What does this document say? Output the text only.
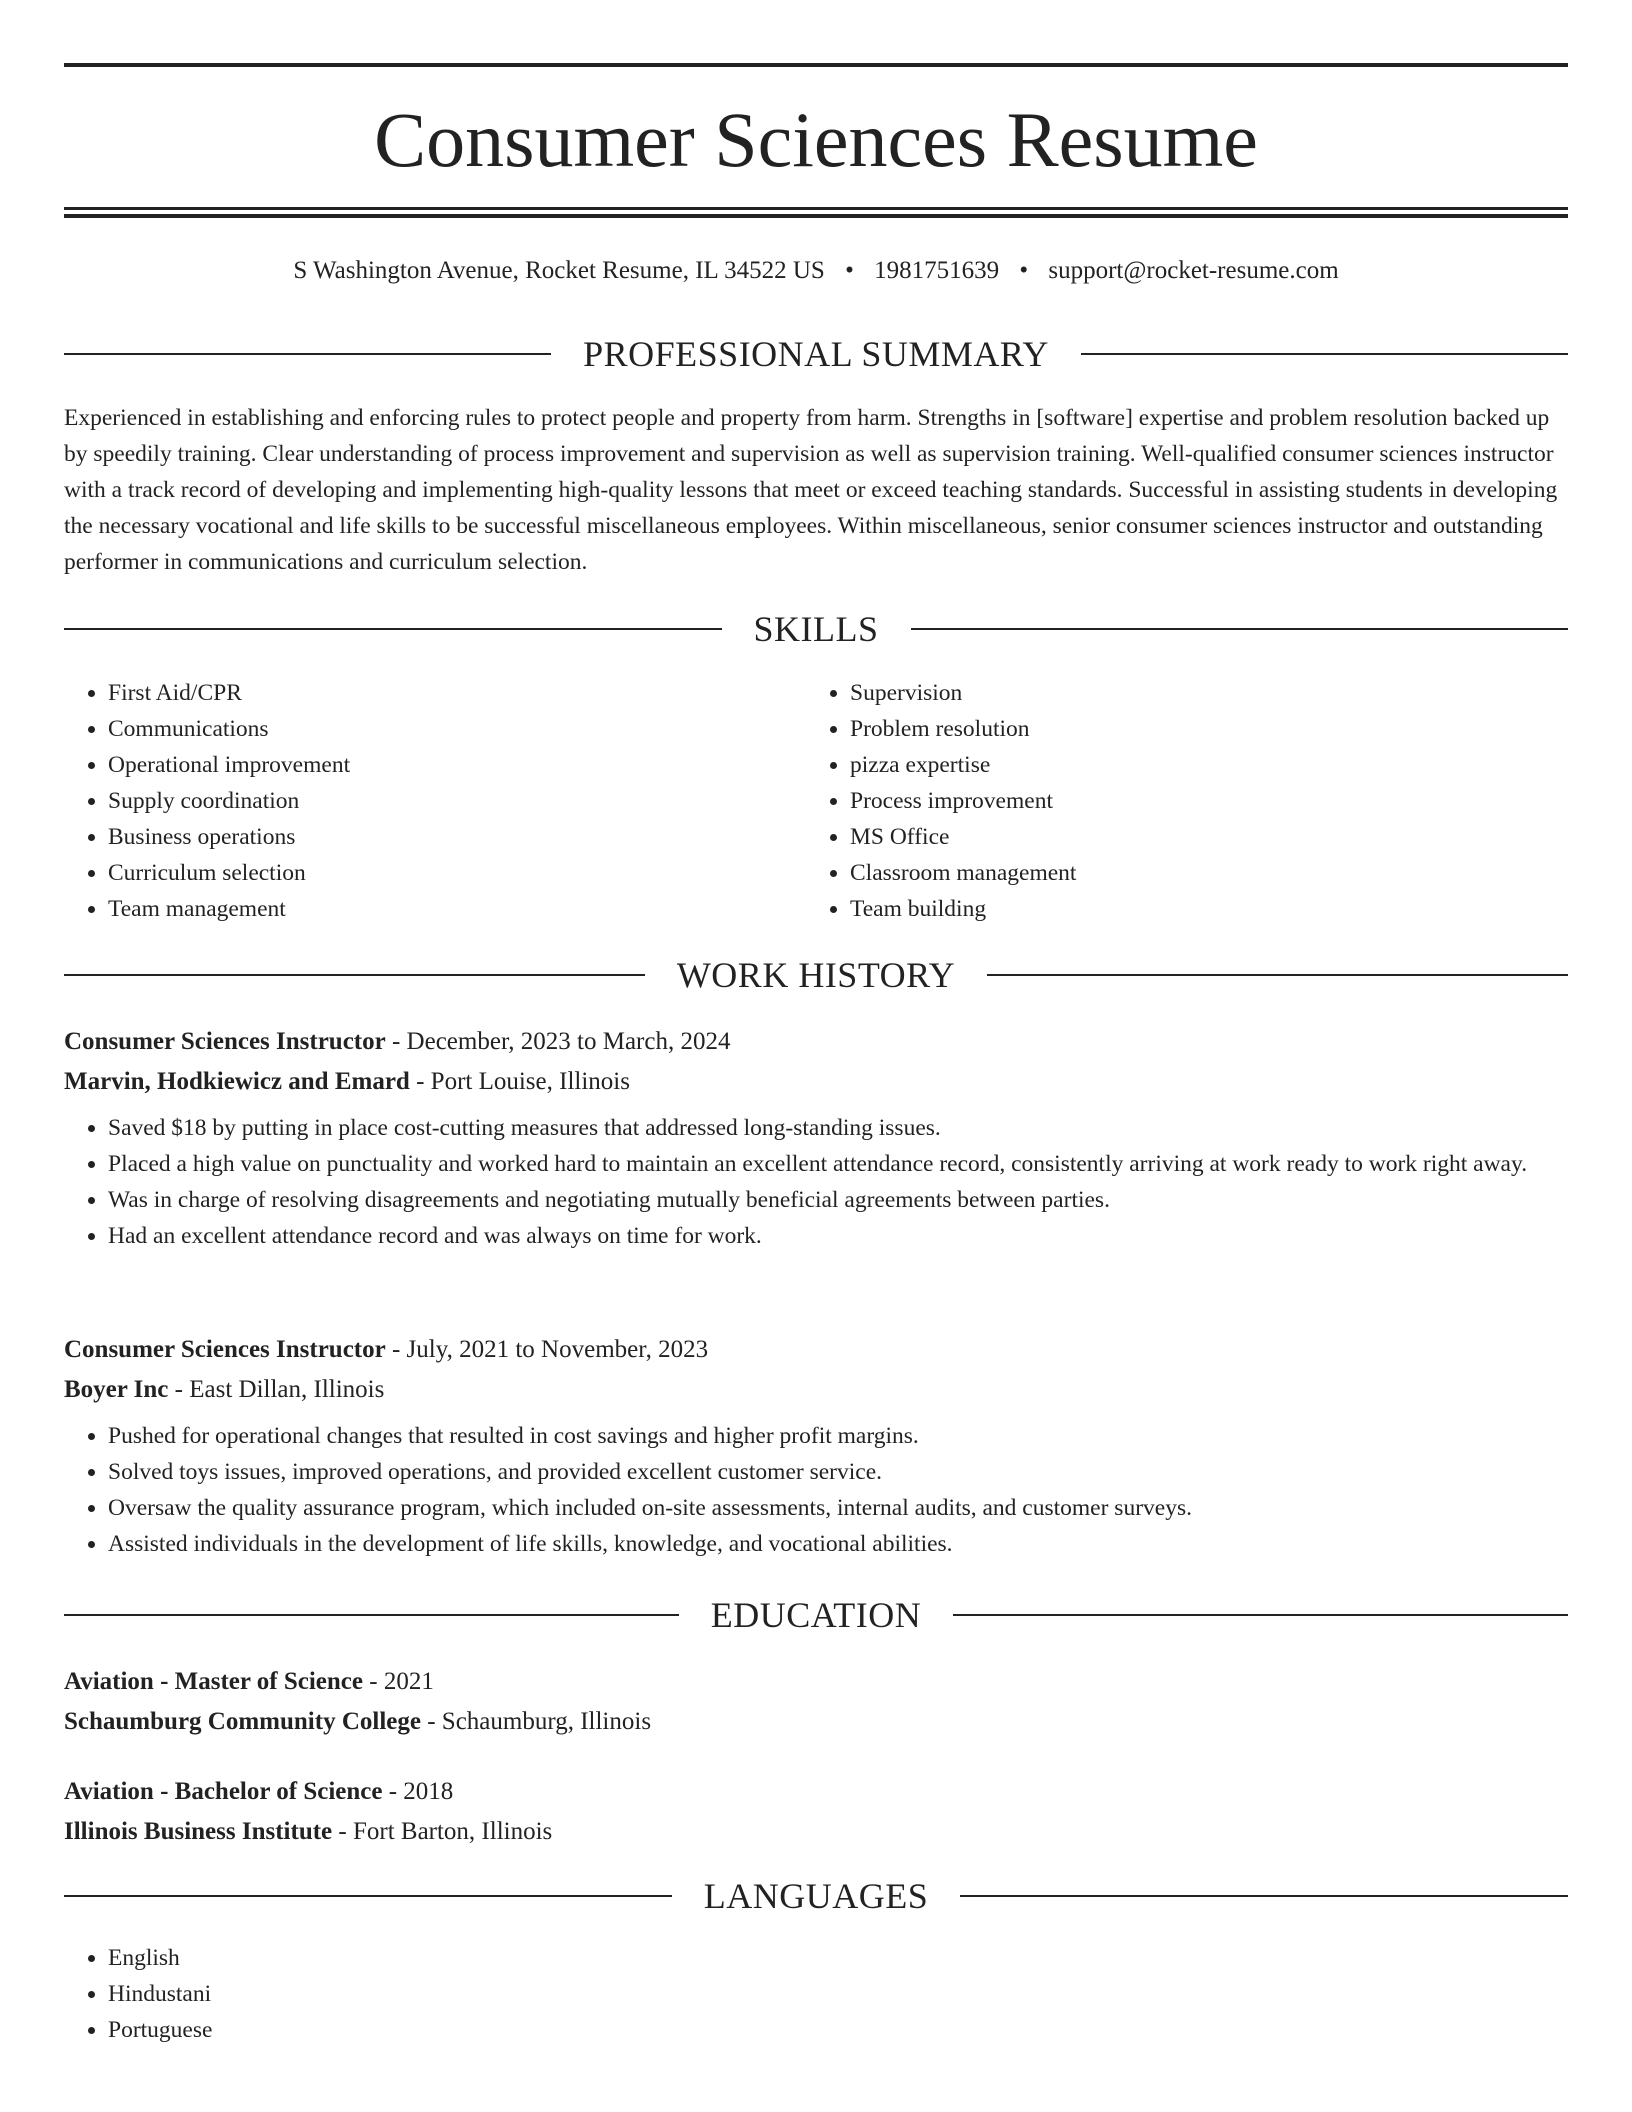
Consumer Sciences Resume
S Washington Avenue, Rocket Resume, IL 34522 US • 1981751639 • support@rocket-resume.com
PROFESSIONAL SUMMARY

Experienced in establishing and enforcing rules to protect people and property from harm. Strengths in [software] expertise and problem resolution backed up by speedily training. Clear understanding of process improvement and supervision as well as supervision training. Well-qualified consumer sciences instructor with a track record of developing and implementing high-quality lessons that meet or exceed teaching standards. Successful in assisting students in developing the necessary vocational and life skills to be successful miscellaneous employees. Within miscellaneous, senior consumer sciences instructor and outstanding performer in communications and curriculum selection.

SKILLS
• First Aid/CPR
• Communications
• Operational improvement
• Supply coordination
• Business operations
• Curriculum selection
• Team management
• Supervision
• Problem resolution
• pizza expertise
• Process improvement
• MS Office
• Classroom management
• Team building
WORK HISTORY
Consumer Sciences Instructor - December, 2023 to March, 2024
Marvin, Hodkiewicz and Emard - Port Louise, Illinois
• Saved $18 by putting in place cost-cutting measures that addressed long-standing issues.
• Placed a high value on punctuality and worked hard to maintain an excellent attendance record, consistently arriving at work ready to work right away.
• Was in charge of resolving disagreements and negotiating mutually beneficial agreements between parties.
• Had an excellent attendance record and was always on time for work.
Consumer Sciences Instructor - July, 2021 to November, 2023
Boyer Inc - East Dillan, Illinois
• Pushed for operational changes that resulted in cost savings and higher profit margins.
• Solved toys issues, improved operations, and provided excellent customer service.
• Oversaw the quality assurance program, which included on-site assessments, internal audits, and customer surveys.
• Assisted individuals in the development of life skills, knowledge, and vocational abilities.
EDUCATION
Aviation - Master of Science - 2021
Schaumburg Community College - Schaumburg, Illinois
Aviation - Bachelor of Science - 2018
Illinois Business Institute - Fort Barton, Illinois
LANGUAGES
• English
• Hindustani
• Portuguese
